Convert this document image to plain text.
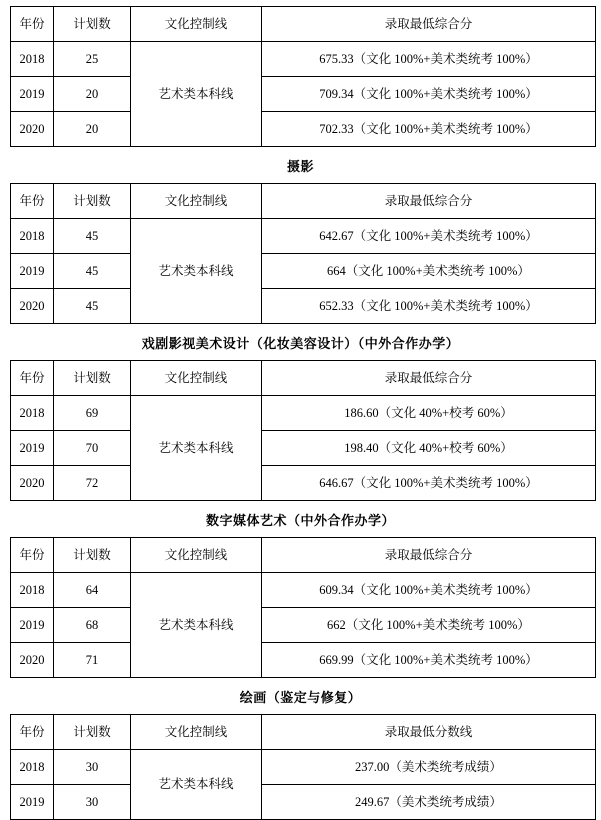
年份	计划数	文化控制线	录取最低综合分
2018	25	艺术类本科线	675.33（文化 100%+美术类统考 100%）
2019	20		709.34（文化 100%+美术类统考 100%）
2020	20		702.33（文化 100%+美术类统考 100%）
摄影
年份	计划数	文化控制线	录取最低综合分
2018	45	艺术类本科线	642.67（文化 100%+美术类统考 100%）
2019	45		664（文化 100%+美术类统考 100%）
2020	45		652.33（文化 100%+美术类统考 100%）
戏剧影视美术设计（化妆美容设计）（中外合作办学）
年份	计划数	文化控制线	录取最低综合分
2018	69	艺术类本科线	186.60（文化 40%+校考 60%）
2019	70		198.40（文化 40%+校考 60%）
2020	72		646.67（文化 100%+美术类统考 100%）
数字媒体艺术（中外合作办学）
年份	计划数	文化控制线	录取最低综合分
2018	64	艺术类本科线	609.34（文化 100%+美术类统考 100%）
2019	68		662（文化 100%+美术类统考 100%）
2020	71		669.99（文化 100%+美术类统考 100%）
绘画（鉴定与修复）
年份	计划数	文化控制线	录取最低分数线
2018	30	艺术类本科线	237.00（美术类统考成绩）
2019	30		249.67（美术类统考成绩）
